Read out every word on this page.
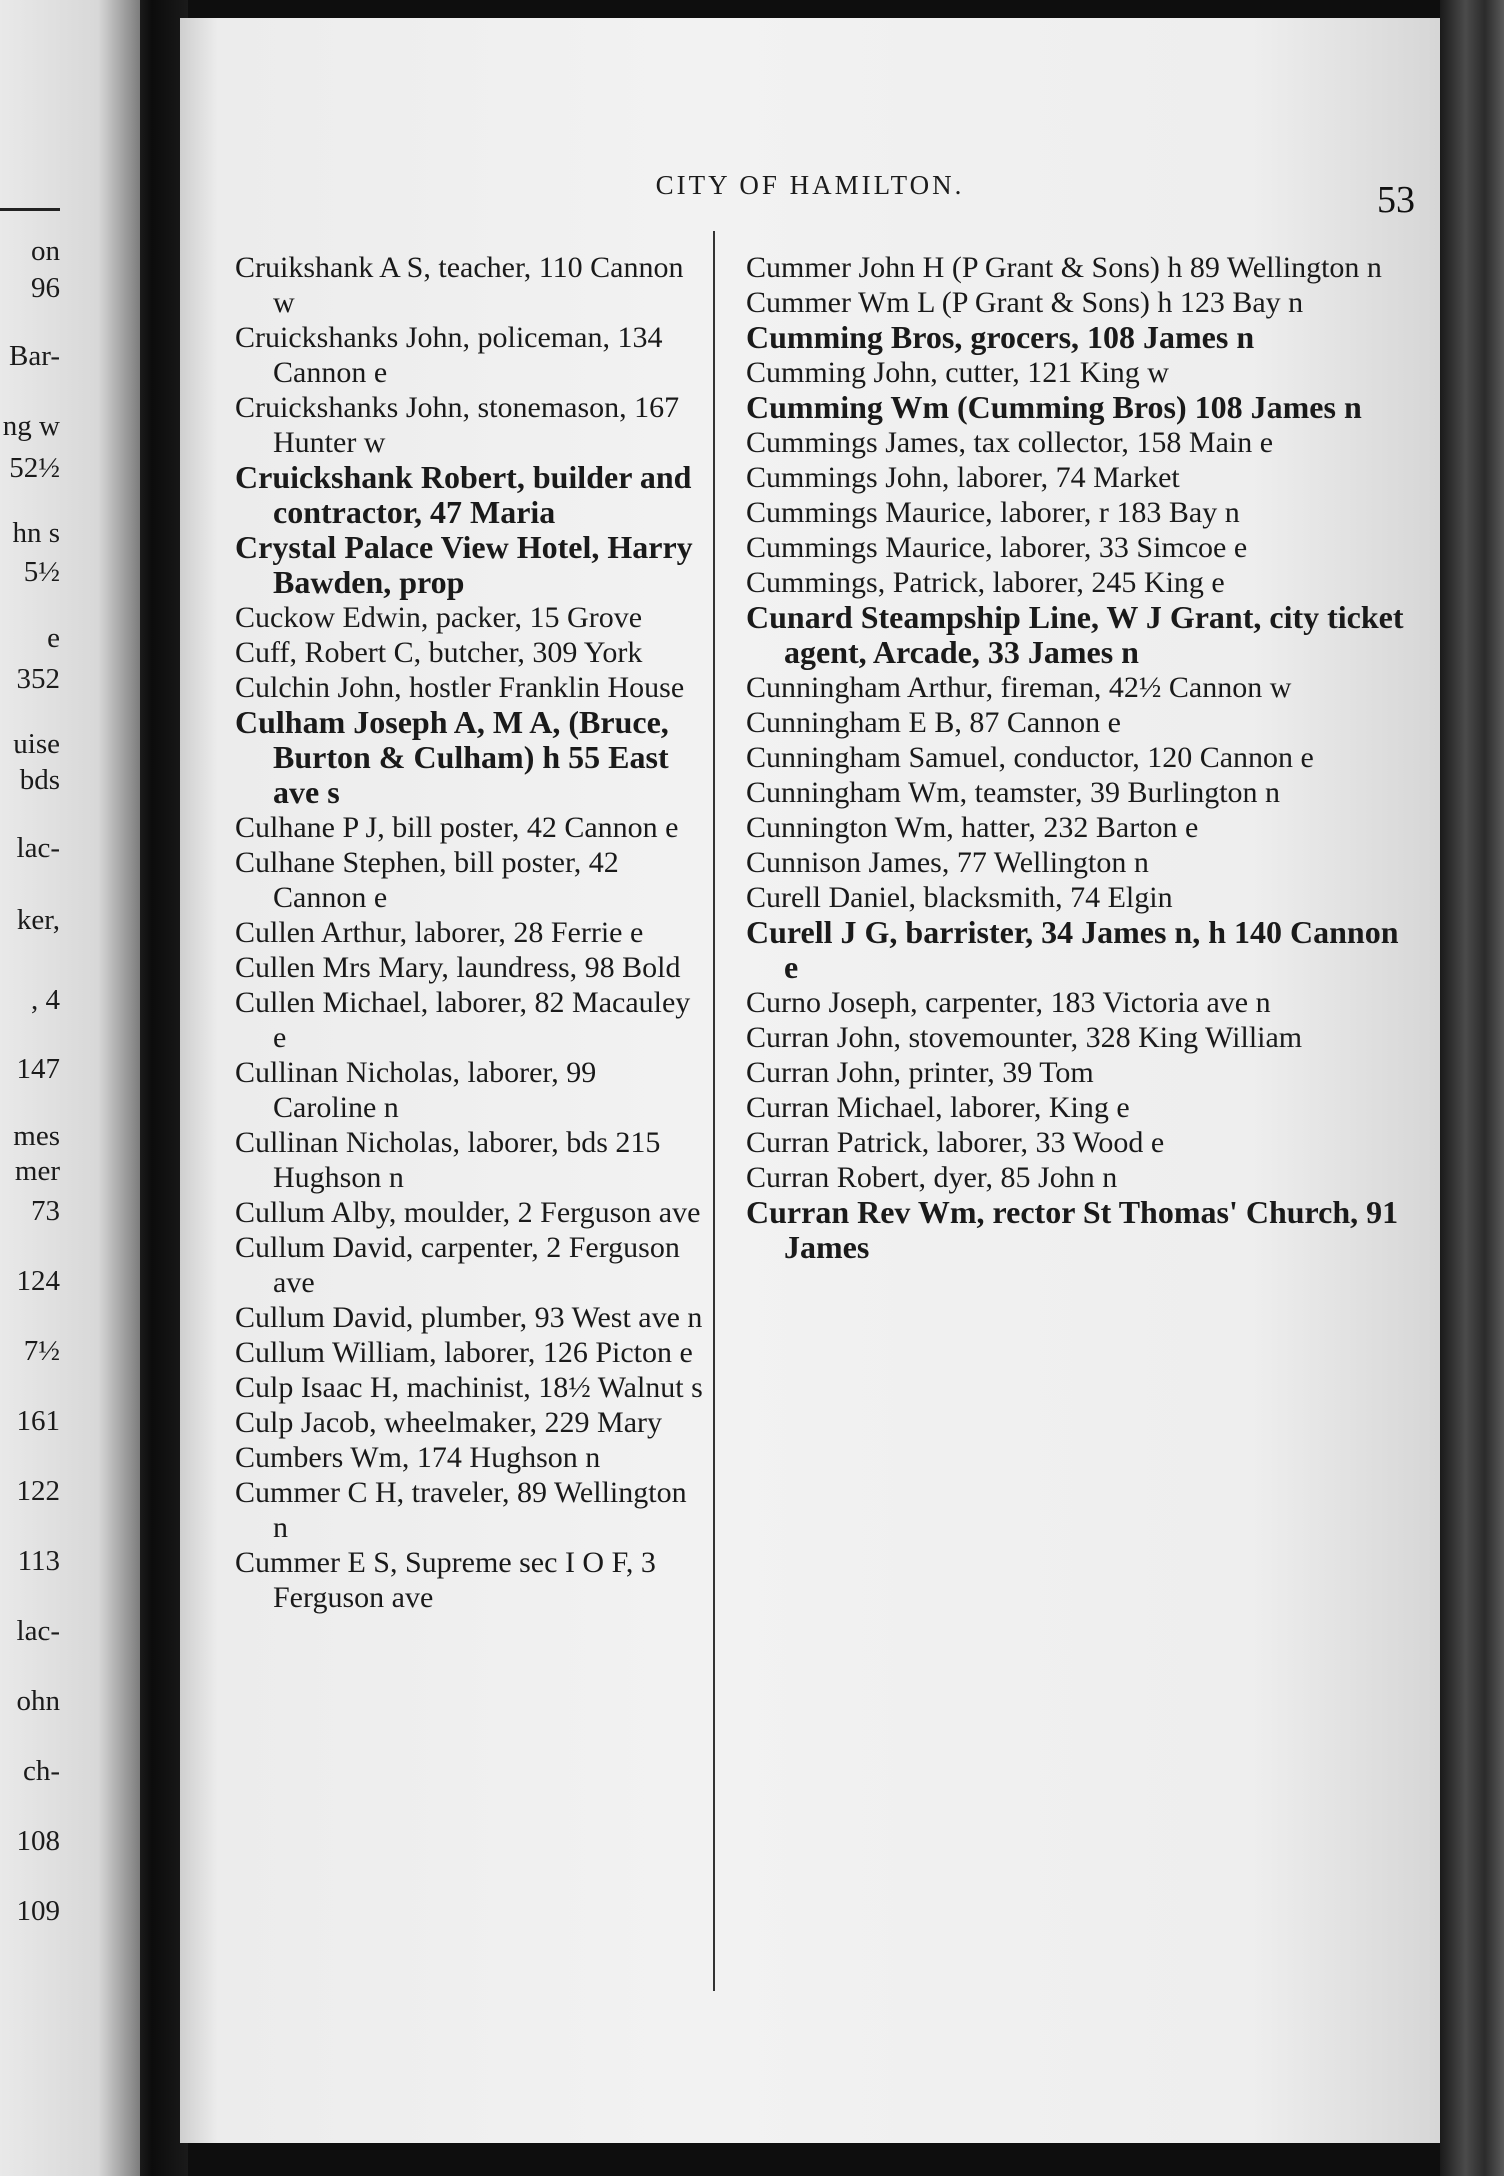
on
96
Bar-
ng w
52½
hn s
5½
e
352
uise
bds
lac-
ker,
, 4
147
mes
mer
73
124
7½
161
122
113
lac-
ohn
ch-
108
109
CITY OF HAMILTON.	53
Cruikshank A S, teacher, 110 Cannon w
Cruickshanks John, policeman, 134 Cannon e
Cruickshanks John, stonemason, 167 Hunter w
Cruickshank Robert, builder and contractor, 47 Maria
Crystal Palace View Hotel, Harry Bawden, prop
Cuckow Edwin, packer, 15 Grove
Cuff, Robert C, butcher, 309 York
Culchin John, hostler Franklin House
Culham Joseph A, M A, (Bruce, Burton & Culham) h 55 East ave s
Culhane P J, bill poster, 42 Cannon e
Culhane Stephen, bill poster, 42 Cannon e
Cullen Arthur, laborer, 28 Ferrie e
Cullen Mrs Mary, laundress, 98 Bold
Cullen Michael, laborer, 82 Macauley e
Cullinan Nicholas, laborer, 99 Caroline n
Cullinan Nicholas, laborer, bds 215 Hughson n
Cullum Alby, moulder, 2 Ferguson ave
Cullum David, carpenter, 2 Ferguson ave
Cullum David, plumber, 93 West ave n
Cullum William, laborer, 126 Picton e
Culp Isaac H, machinist, 18½ Walnut s
Culp Jacob, wheelmaker, 229 Mary
Cumbers Wm, 174 Hughson n
Cummer C H, traveler, 89 Wellington n
Cummer E S, Supreme sec I O F, 3 Ferguson ave
Cummer John H (P Grant & Sons) h 89 Wellington n
Cummer Wm L (P Grant & Sons) h 123 Bay n
Cumming Bros, grocers, 108 James n
Cumming John, cutter, 121 King w
Cumming Wm (Cumming Bros) 108 James n
Cummings James, tax collector, 158 Main e
Cummings John, laborer, 74 Market
Cummings Maurice, laborer, r 183 Bay n
Cummings Maurice, laborer, 33 Simcoe e
Cummings, Patrick, laborer, 245 King e
Cunard Steampship Line, W J Grant, city ticket agent, Arcade, 33 James n
Cunningham Arthur, fireman, 42½ Cannon w
Cunningham E B, 87 Cannon e
Cunningham Samuel, conductor, 120 Cannon e
Cunningham Wm, teamster, 39 Burlington n
Cunnington Wm, hatter, 232 Barton e
Cunnison James, 77 Wellington n
Curell Daniel, blacksmith, 74 Elgin
Curell J G, barrister, 34 James n, h 140 Cannon e
Curno Joseph, carpenter, 183 Victoria ave n
Curran John, stovemounter, 328 King William
Curran John, printer, 39 Tom
Curran Michael, laborer, King e
Curran Patrick, laborer, 33 Wood e
Curran Robert, dyer, 85 John n
Curran Rev Wm, rector St Thomas' Church, 91 James
